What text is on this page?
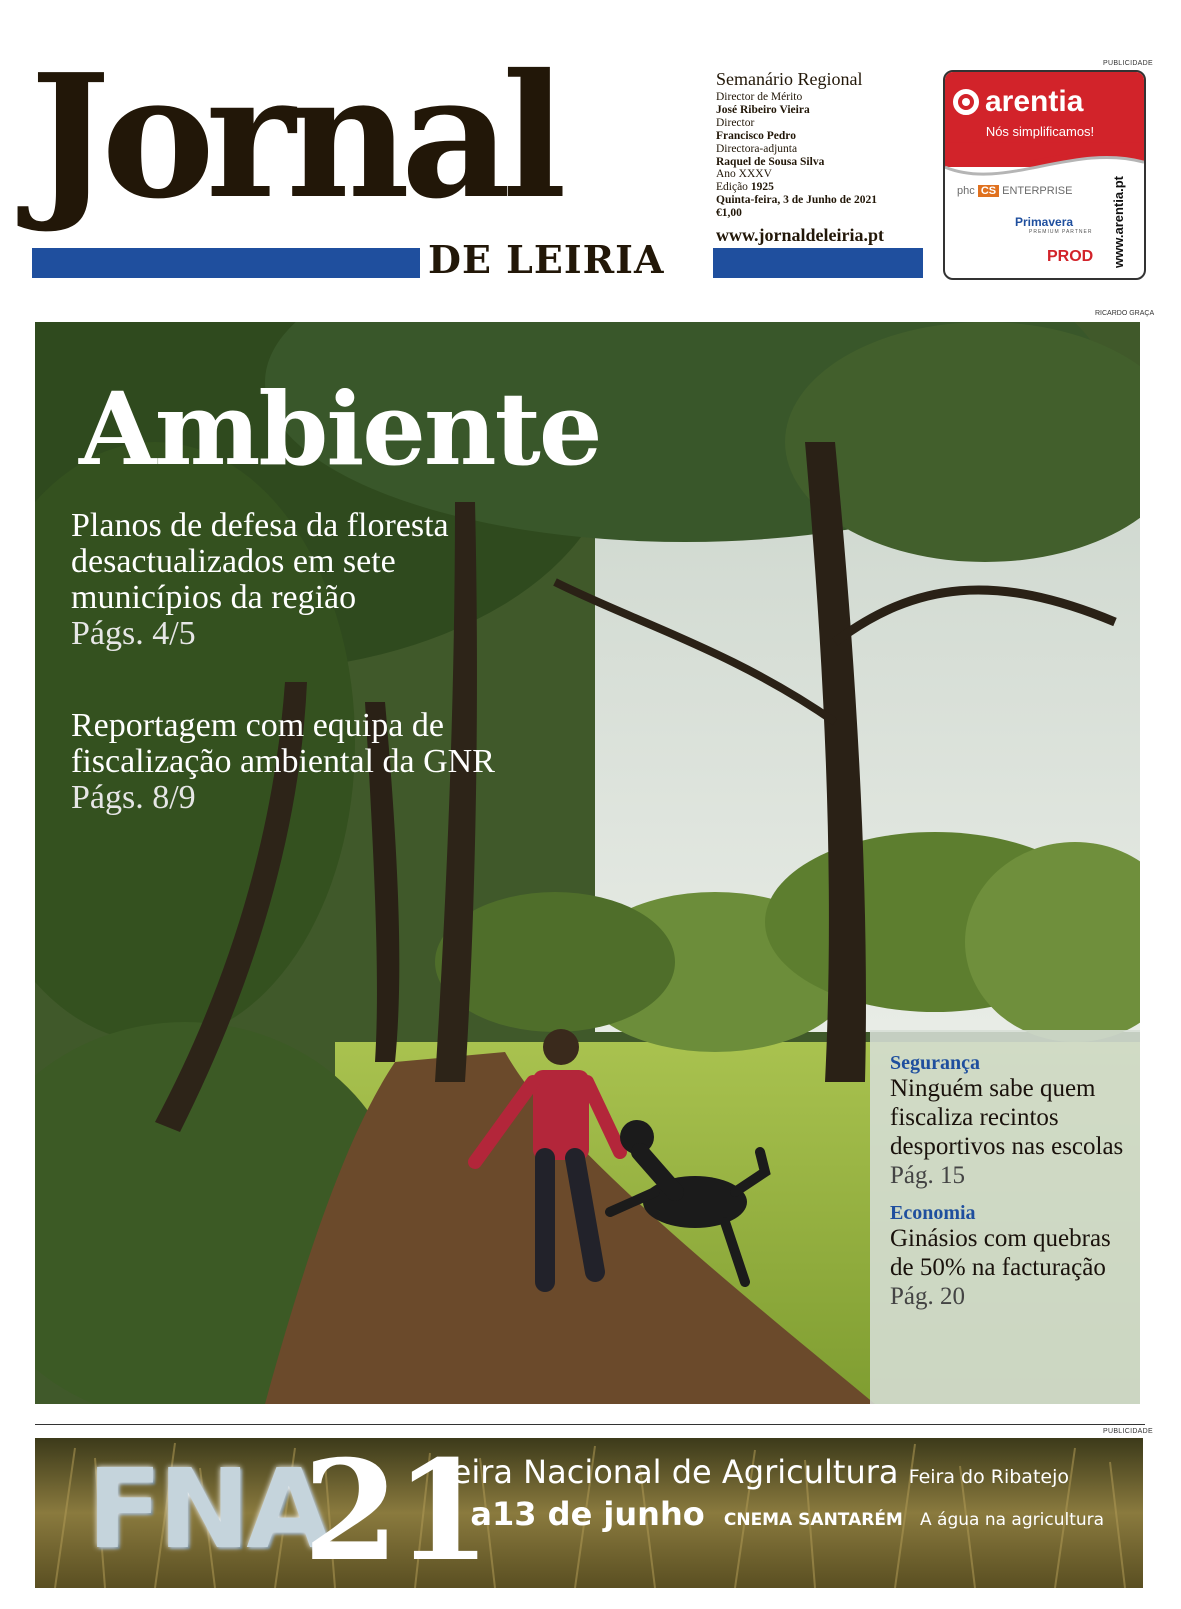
Jornal
DE LEIRIA
Semanário Regional
Director de Mérito
José Ribeiro Vieira
Director
Francisco Pedro
Directora-adjunta
Raquel de Sousa Silva
Ano XXXV
Edição 1925
Quinta-feira, 3 de Junho de 2021
€1,00
www.jornaldeleiria.pt
PUBLICIDADE
arentia
Nós simplificamos!
phc CS ENTERPRISE
Primavera
PREMIUM PARTNER
PROD www.arentia.pt
RICARDO GRAÇA
Ambiente
Planos de defesa da floresta desactualizados em sete municípios da região
Págs. 4/5
Reportagem com equipa de fiscalização ambiental da GNR
Págs. 8/9
Segurança
Ninguém sabe quem fiscaliza recintos desportivos nas escolas Pág. 15
Economia
Ginásios com quebras de 50% na facturação
Pág. 20
PUBLICIDADE
FNA
21
Feira Nacional de Agricultura Feira do Ribatejo
9 a13 de junho CNEMA SANTARÉM A água na agricultura
